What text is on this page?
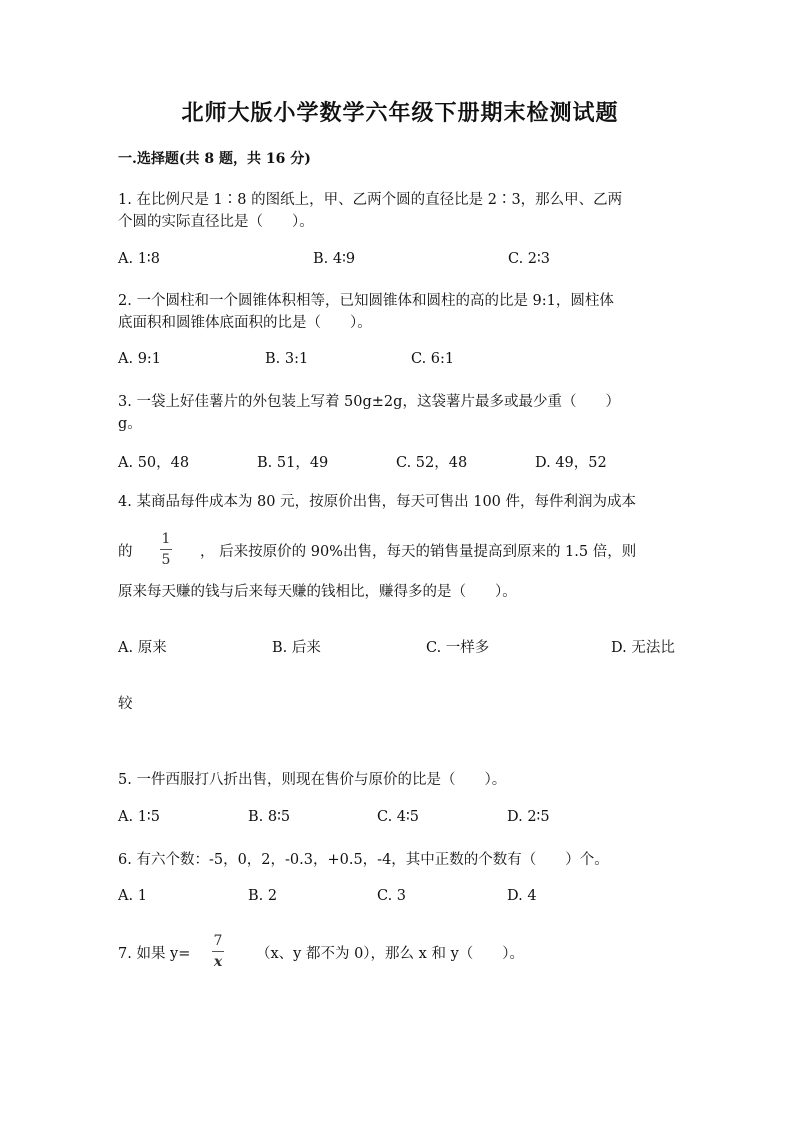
北师大版小学数学六年级下册期末检测试题
一.选择题(共 8 题，共 16 分)
1. 在比例尺是 1∶8 的图纸上，甲、乙两个圆的直径比是 2∶3，那么甲、乙两
个圆的实际直径比是（　　）。
A. 1∶8	B. 4∶9	C. 2∶3
2. 一个圆柱和一个圆锥体积相等，已知圆锥体和圆柱的高的比是 9:1，圆柱体
底面积和圆锥体底面积的比是（　　）。
A. 9:1	B. 3:1	C. 6:1
3. 一袋上好佳薯片的外包装上写着 50g±2g，这袋薯片最多或最少重（　　）
g。
A. 50，48	B. 51，49	C. 52，48	D. 49，52
4. 某商品每件成本为 80 元，按原价出售，每天可售出 100 件，每件利润为成本
的
1
5 ， 后来按原价的 90%出售，每天的销售量提高到原来的 1.5 倍，则
原来每天赚的钱与后来每天赚的钱相比，赚得多的是（　　）。
A. 原来	B. 后来	C. 一样多	D. 无法比
较
5. 一件西服打八折出售，则现在售价与原价的比是（　　）。
A. 1∶5	B. 8∶5	C. 4∶5	D. 2∶5
6. 有六个数：-5，0，2，-0.3，+0.5，-4，其中正数的个数有（　　）个。
A. 1	B. 2	C. 3	D. 4
7. 如果 y=
7
x （x、y 都不为 0），那么 x 和 y（　　）。
